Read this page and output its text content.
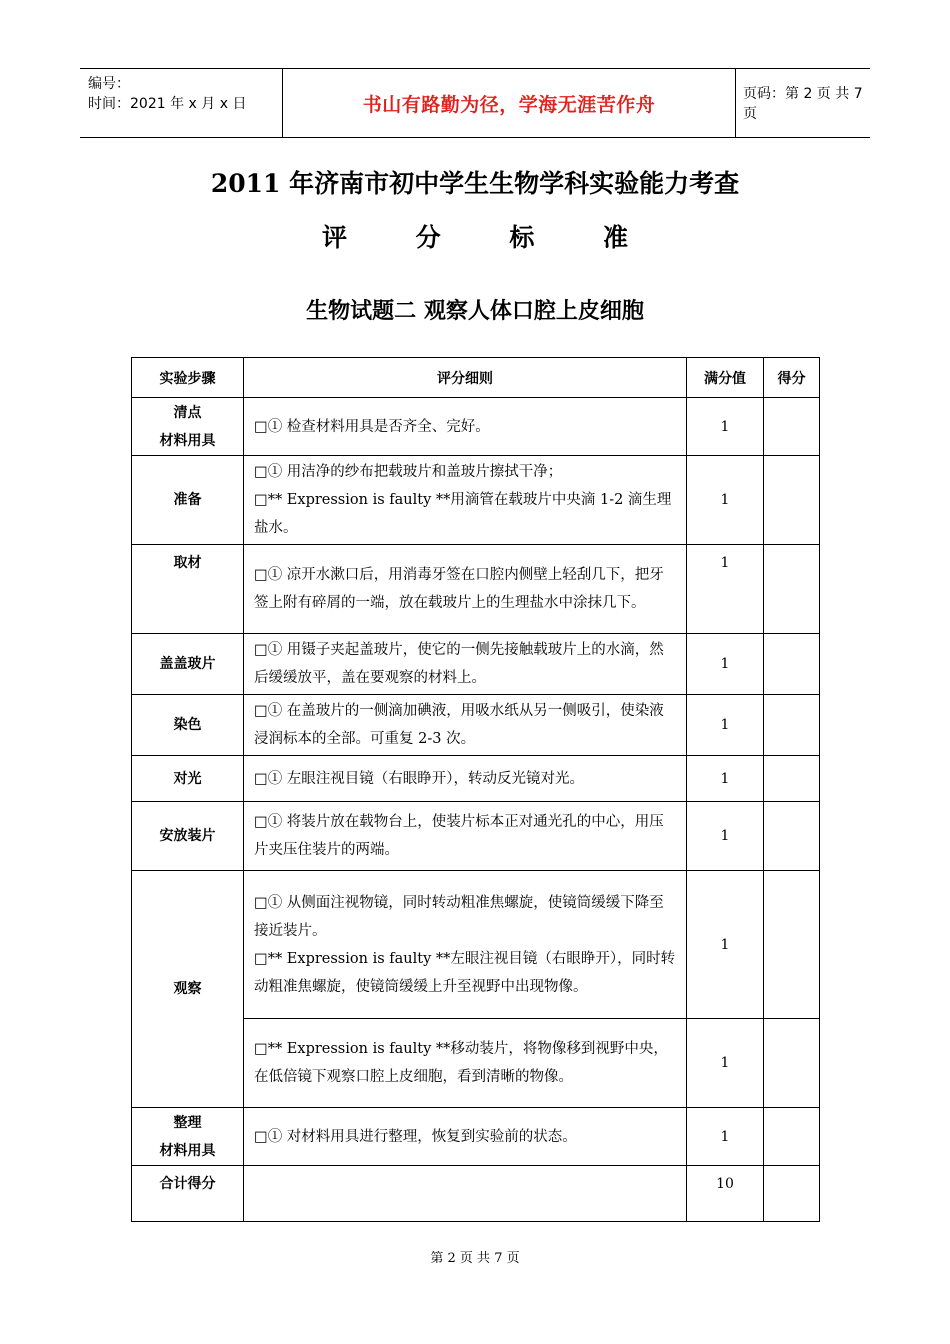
编号：
时间：2021 年 x 月 x 日	书山有路勤为径，学海无涯苦作舟	页码：第 2 页 共 7 页
2011 年济南市初中学生生物学科实验能力考查
评 分 标 准
生物试题二 观察人体口腔上皮细胞
实验步骤	评分细则	满分值	得分

清点
材料用具	□① 检查材料用具是否齐全、完好。	1	
准备	□① 用洁净的纱布把载玻片和盖玻片擦拭干净；

□** Expression is faulty **用滴管在载玻片中央滴 1-2 滴生理盐水。	1	
取材	□① 凉开水漱口后，用消毒牙签在口腔内侧壁上轻刮几下，把牙签上附有碎屑的一端，放在载玻片上的生理盐水中涂抹几下。	1	
盖盖玻片	□① 用镊子夹起盖玻片，使它的一侧先接触载玻片上的水滴，然后缓缓放平，盖在要观察的材料上。	1	
染色	□① 在盖玻片的一侧滴加碘液，用吸水纸从另一侧吸引，使染液浸润标本的全部。可重复 2-3 次。	1	
对光	□① 左眼注视目镜（右眼睁开），转动反光镜对光。	1	
安放装片	□① 将装片放在载物台上，使装片标本正对通光孔的中心，用压片夹压住装片的两端。	1	
观察	□① 从侧面注视物镜，同时转动粗准焦螺旋，使镜筒缓缓下降至接近装片。

□** Expression is faulty **左眼注视目镜（右眼睁开），同时转动粗准焦螺旋，使镜筒缓缓上升至视野中出现物像。	1	
	□** Expression is faulty **移动装片，将物像移到视野中央，在低倍镜下观察口腔上皮细胞，看到清晰的物像。	1	

整理
材料用具	□① 对材料用具进行整理，恢复到实验前的状态。	1	
合计得分		10	
第 2 页 共 7 页
